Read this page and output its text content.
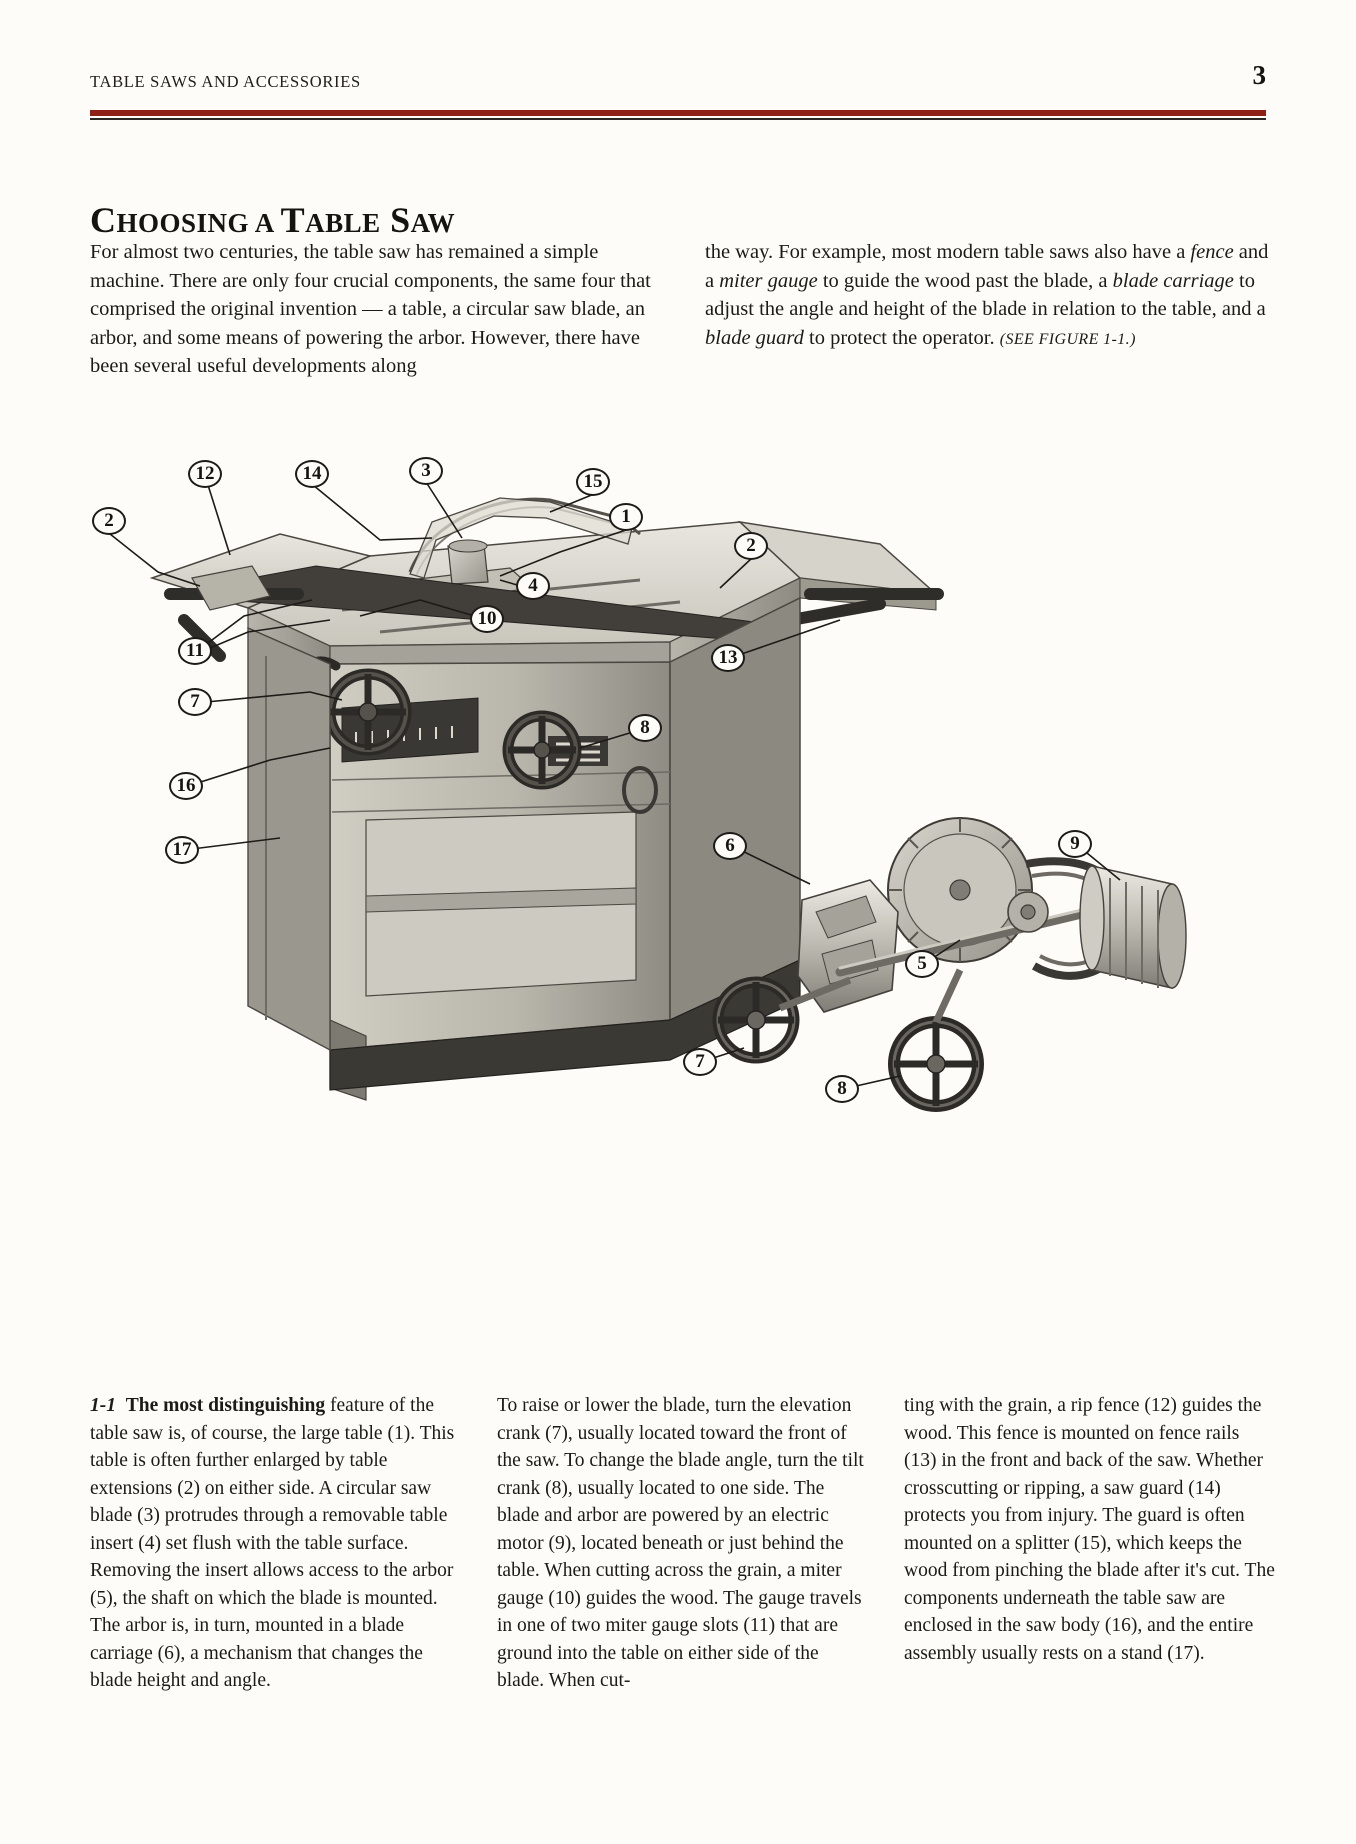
TABLE SAWS AND ACCESSORIES	3
CHOOSING A TABLE SAW

For almost two centuries, the table saw has remained a simple machine. There are only four crucial components, the same four that comprised the original invention — a table, a circular saw blade, an arbor, and some means of powering the arbor. However, there have been several useful developments along

the way. For example, most modern table saws also have a fence and a miter gauge to guide the wood past the blade, a blade carriage to adjust the angle and height of the blade in relation to the table, and a blade guard to protect the operator. (SEE FIGURE 1-1.)

12	14	3
15
2	1
2
4
10
11	13
7
8
16
17	6	9
5
7
8

1-1 The most distinguishing feature of the table saw is, of course, the large table (1). This table is often further enlarged by table extensions (2) on either side. A circular saw blade (3) protrudes through a removable table insert (4) set flush with the table surface. Removing the insert allows access to the arbor (5), the shaft on which the blade is mounted. The arbor is, in turn, mounted in a blade carriage (6), a mechanism that changes the blade height and angle.

To raise or lower the blade, turn the elevation crank (7), usually located toward the front of the saw. To change the blade angle, turn the tilt crank (8), usually located to one side. The blade and arbor are powered by an electric motor (9), located beneath or just behind the table. When cutting across the grain, a miter gauge (10) guides the wood. The gauge travels in one of two miter gauge slots (11) that are ground into the table on either side of the blade. When cut-

ting with the grain, a rip fence (12) guides the wood. This fence is mounted on fence rails (13) in the front and back of the saw. Whether crosscutting or ripping, a saw guard (14) protects you from injury. The guard is often mounted on a splitter (15), which keeps the wood from pinching the blade after it's cut. The components underneath the table saw are enclosed in the saw body (16), and the entire assembly usually rests on a stand (17).
